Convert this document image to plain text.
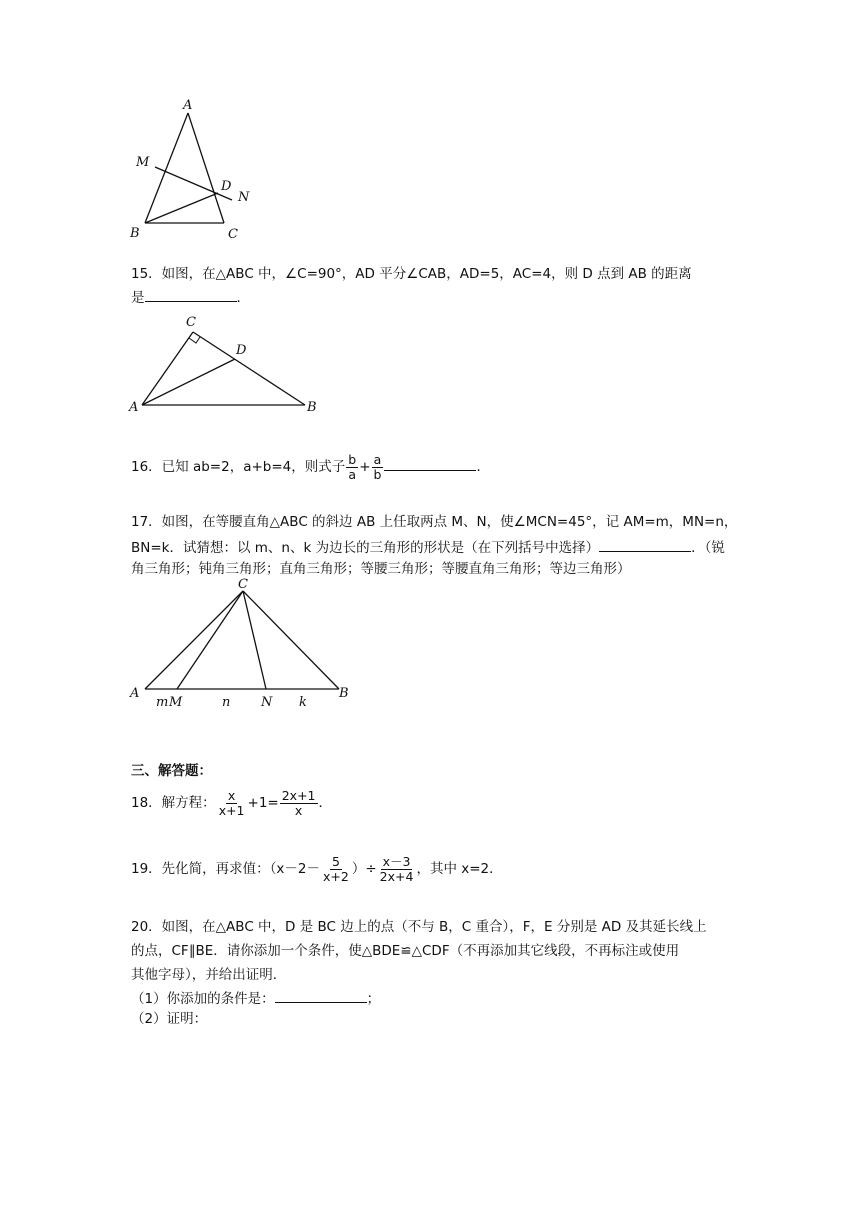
A
M
D
N
B	C
15．如图，在△ABC 中，∠C=90°，AD 平分∠CAB，AD=5，AC=4，则 D 点到 AB 的距离
是	．
C
D
A	B
16．已知 ab=2，a+b=4，则式子 $\frac{b}{a} + \frac{a}{b}$	．
17．如图，在等腰直角△ABC 的斜边 AB 上任取两点 M、N，使∠MCN=45°，记 AM=m，MN=n，
BN=k．试猜想：以 m、n、k 为边长的三角形的形状是（在下列括号中选择）	．（锐
角三角形；钝角三角形；直角三角形；等腰三角形；等腰直角三角形；等边三角形）
C
A
m M	n N k
B
三、解答题：
18．解方程： $\frac{x}{x+1} +1= \frac{2x+1}{x}$ ．
19．先化简，再求值：（$x-2- \frac{5}{x+2}$ ）÷ $\frac{x-3}{2x+4}$ ，其中 x=2．
20．如图，在△ABC 中，D 是 BC 边上的点（不与 B，C 重合），F，E 分别是 AD 及其延长线上
的点，CF∥BE．请你添加一个条件，使△BDE≌△CDF（不再添加其它线段，不再标注或使用
其他字母），并给出证明．
（1）你添加的条件是：	；
（2）证明：
